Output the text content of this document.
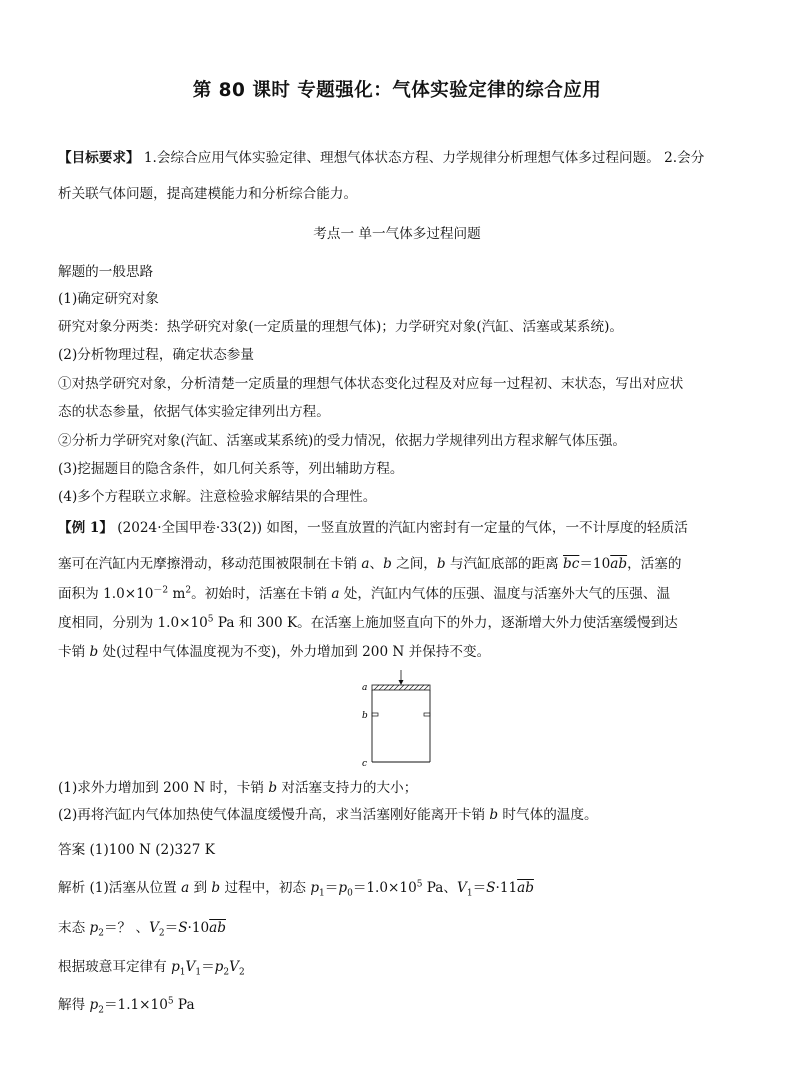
第 80 课时 专题强化：气体实验定律的综合应用
【目标要求】 1.会综合应用气体实验定律、理想气体状态方程、力学规律分析理想气体多过程问题。 2.会分
析关联气体问题，提高建模能力和分析综合能力。
考点一 单一气体多过程问题
解题的一般思路
(1)确定研究对象
研究对象分两类：热学研究对象(一定质量的理想气体)；力学研究对象(汽缸、活塞或某系统)。
(2)分析物理过程，确定状态参量
①对热学研究对象，分析清楚一定质量的理想气体状态变化过程及对应每一过程初、末状态，写出对应状
态的状态参量，依据气体实验定律列出方程。
②分析力学研究对象(汽缸、活塞或某系统)的受力情况，依据力学规律列出方程求解气体压强。
(3)挖掘题目的隐含条件，如几何关系等，列出辅助方程。
(4)多个方程联立求解。注意检验求解结果的合理性。
【例 1】 (2024·全国甲卷·33(2)) 如图，一竖直放置的汽缸内密封有一定量的气体，一不计厚度的轻质活
塞可在汽缸内无摩擦滑动，移动范围被限制在卡销 a、b 之间，b 与汽缸底部的距离 $\overline{bc}=10\overline{ab}$，活塞的
面积为 $1.0\times 10^{-2}$ $m^2$。初始时，活塞在卡销 a 处，汽缸内气体的压强、温度与活塞外大气的压强、温
度相同，分别为 $1.0\times 10^5$ Pa 和 300 K。在活塞上施加竖直向下的外力，逐渐增大外力使活塞缓慢到达
卡销 b 处(过程中气体温度视为不变)，外力增加到 200 N 并保持不变。
a
b
c
(1)求外力增加到 200 N 时，卡销 b 对活塞支持力的大小；
(2)再将汽缸内气体加热使气体温度缓慢升高，求当活塞刚好能离开卡销 b 时气体的温度。
答案 (1)100 N (2)327 K
解析 (1)活塞从位置 a 到 b 过程中，初态 $p_1=p_0=1.0\times 10^5$ Pa、$V_1=S\cdot 11\overline{ab}$
末态 $p_2=$？ 、$V_2=S\cdot 10\overline{ab}$
根据玻意耳定律有 $p_1V_1=p_2V_2$
解得 $p_2=1.1\times 10^5$ Pa
